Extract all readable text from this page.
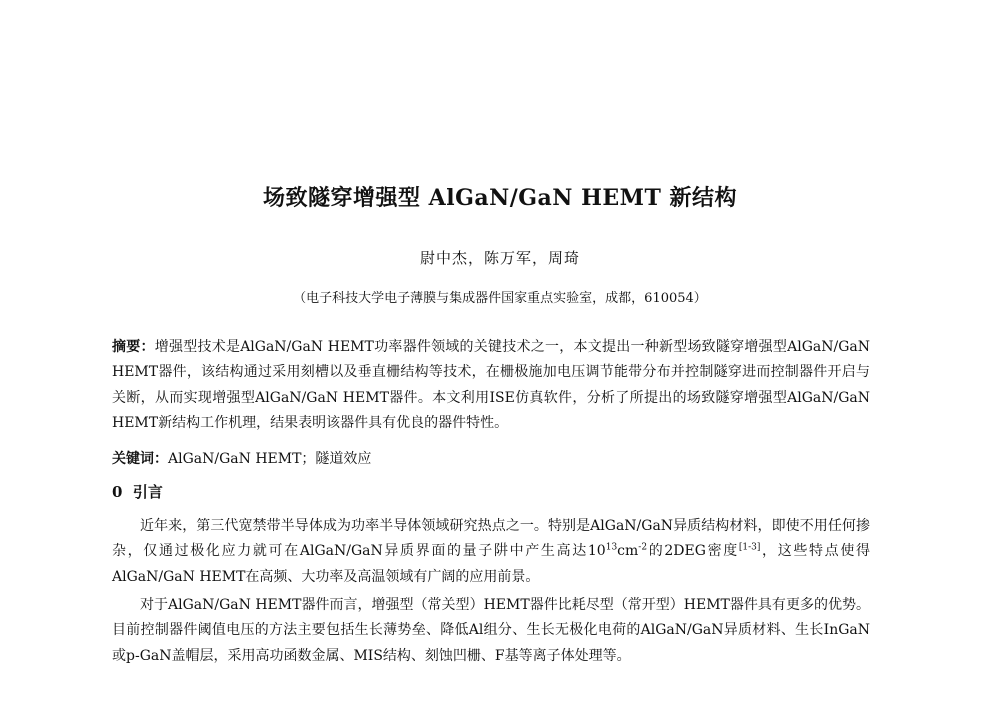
场致隧穿增强型 AlGaN/GaN HEMT 新结构
尉中杰，陈万军，周琦
（电子科技大学电子薄膜与集成器件国家重点实验室，成都，610054）
摘要：增强型技术是AlGaN/GaN HEMT功率器件领域的关键技术之一，本文提出一种新型场致隧穿增强型AlGaN/GaN HEMT器件，该结构通过采用刻槽以及垂直栅结构等技术，在栅极施加电压调节能带分布并控制隧穿进而控制器件开启与关断，从而实现增强型AlGaN/GaN HEMT器件。本文利用ISE仿真软件，分析了所提出的场致隧穿增强型AlGaN/GaN HEMT新结构工作机理，结果表明该器件具有优良的器件特性。
关键词：AlGaN/GaN HEMT；隧道效应
0 引言
近年来，第三代宽禁带半导体成为功率半导体领域研究热点之一。特别是AlGaN/GaN异质结构材料，即使不用任何掺杂，仅通过极化应力就可在AlGaN/GaN异质界面的量子阱中产生高达$10^{13}cm^{-2}$的2DEG密度[1-3]，这些特点使得AlGaN/GaN HEMT在高频、大功率及高温领域有广阔的应用前景。
对于AlGaN/GaN HEMT器件而言，增强型（常关型）HEMT器件比耗尽型（常开型）HEMT器件具有更多的优势。目前控制器件阈值电压的方法主要包括生长薄势垒、降低Al组分、生长无极化电荷的AlGaN/GaN异质材料、生长InGaN或p-GaN盖帽层，采用高功函数金属、MIS结构、刻蚀凹栅、F基等离子体处理等。
